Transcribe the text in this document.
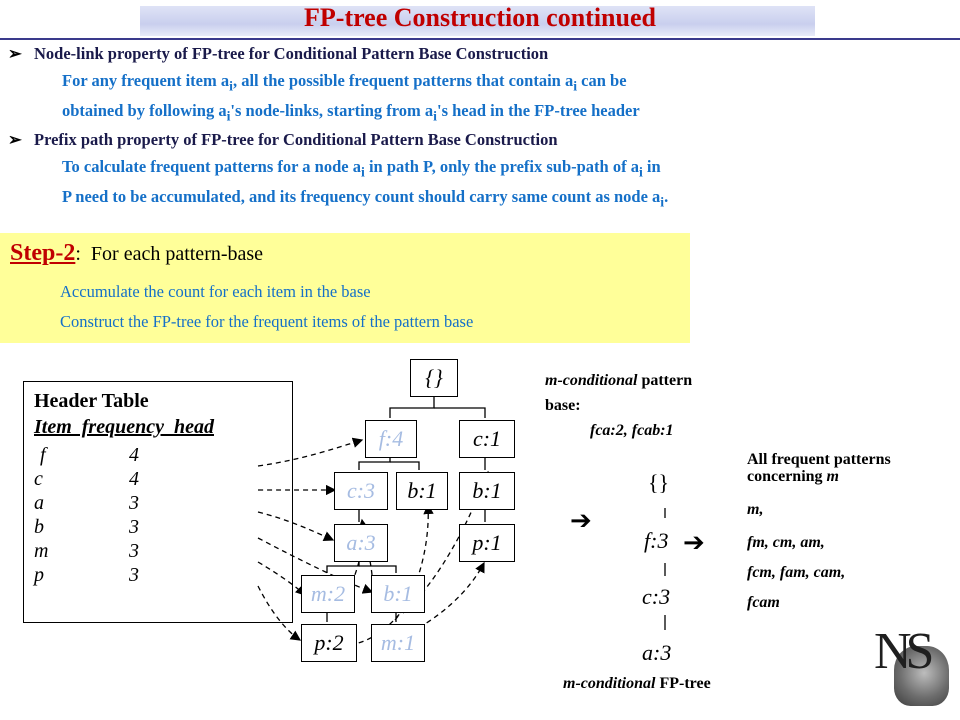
FP-tree Construction continued
➢ Node-link property of FP-tree for Conditional Pattern Base Construction
For any frequent item $a_i$, all the possible frequent patterns that contain $a_i$ can be
obtained by following $a_i's$ node-links, starting from $a_i's$ head in the FP-tree header
➢ Prefix path property of FP-tree for Conditional Pattern Base Construction
To calculate frequent patterns for a node $a_i$ in path P, only the prefix sub-path of $a_i$ in
P need to be accumulated, and its frequency count should carry same count as node $a_i$.
Step-2: For each pattern-base
Accumulate the count for each item in the base
Construct the FP-tree for the frequent items of the pattern base
Header Table
Item  frequency  head
f	4
c	4
a	3
b	3
m	3
p	3
{}
f:4	c:1
c:3	b:1	b:1
a:3	p:1
m:2	b:1
p:2	m:1
m-conditional pattern
base:
fca:2, fcab:1
➔
➔
{}
f:3
c:3
a:3
m-conditional FP-tree
All frequent patterns
concerning m
m,
fm, cm, am,
fcm, fam, cam,
fcam
NS
